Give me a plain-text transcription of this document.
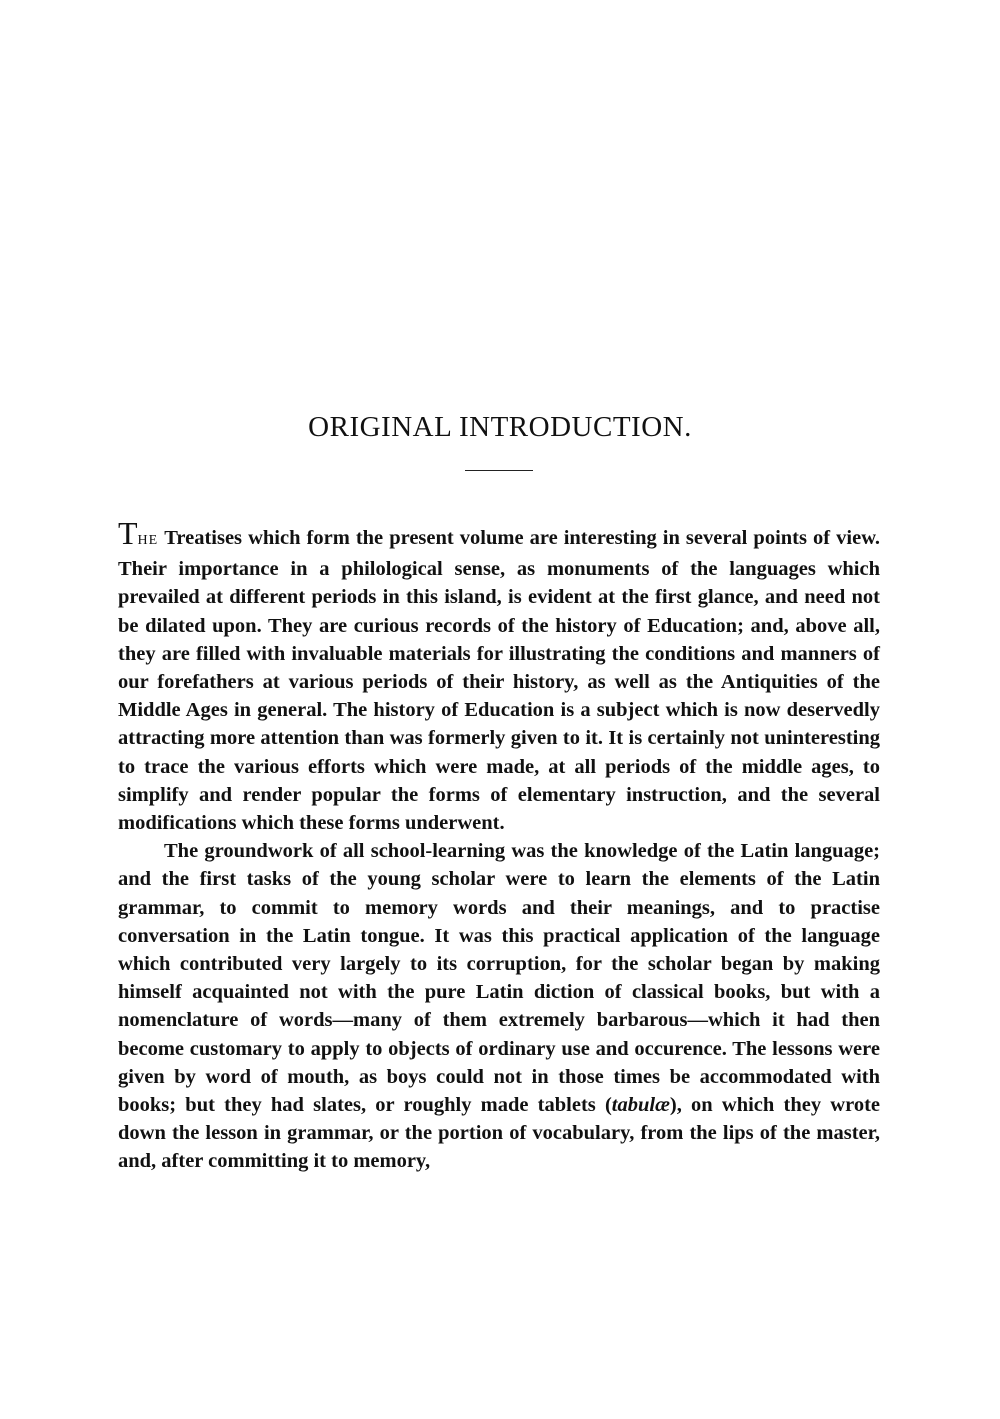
ORIGINAL INTRODUCTION.

THE Treatises which form the present volume are interesting in several points of view. Their importance in a philological sense, as monuments of the languages which prevailed at different periods in this island, is evident at the first glance, and need not be dilated upon. They are curious records of the history of Education; and, above all, they are filled with invaluable materials for illustrating the conditions and manners of our forefathers at various periods of their history, as well as the Antiquities of the Middle Ages in general. The history of Education is a subject which is now deservedly attracting more attention than was formerly given to it. It is certainly not uninteresting to trace the various efforts which were made, at all periods of the middle ages, to simplify and render popular the forms of elementary instruction, and the several modifications which these forms underwent.

The groundwork of all school-learning was the knowledge of the Latin language; and the first tasks of the young scholar were to learn the elements of the Latin grammar, to commit to memory words and their meanings, and to practise conversation in the Latin tongue. It was this practical application of the language which contributed very largely to its corruption, for the scholar began by making himself acquainted not with the pure Latin diction of classical books, but with a nomenclature of words—many of them extremely barbarous—which it had then become customary to apply to objects of ordinary use and occurence. The lessons were given by word of mouth, as boys could not in those times be accommodated with books; but they had slates, or roughly made tablets (tabulæ), on which they wrote down the lesson in grammar, or the portion of vocabulary, from the lips of the master, and, after committing it to memory,
